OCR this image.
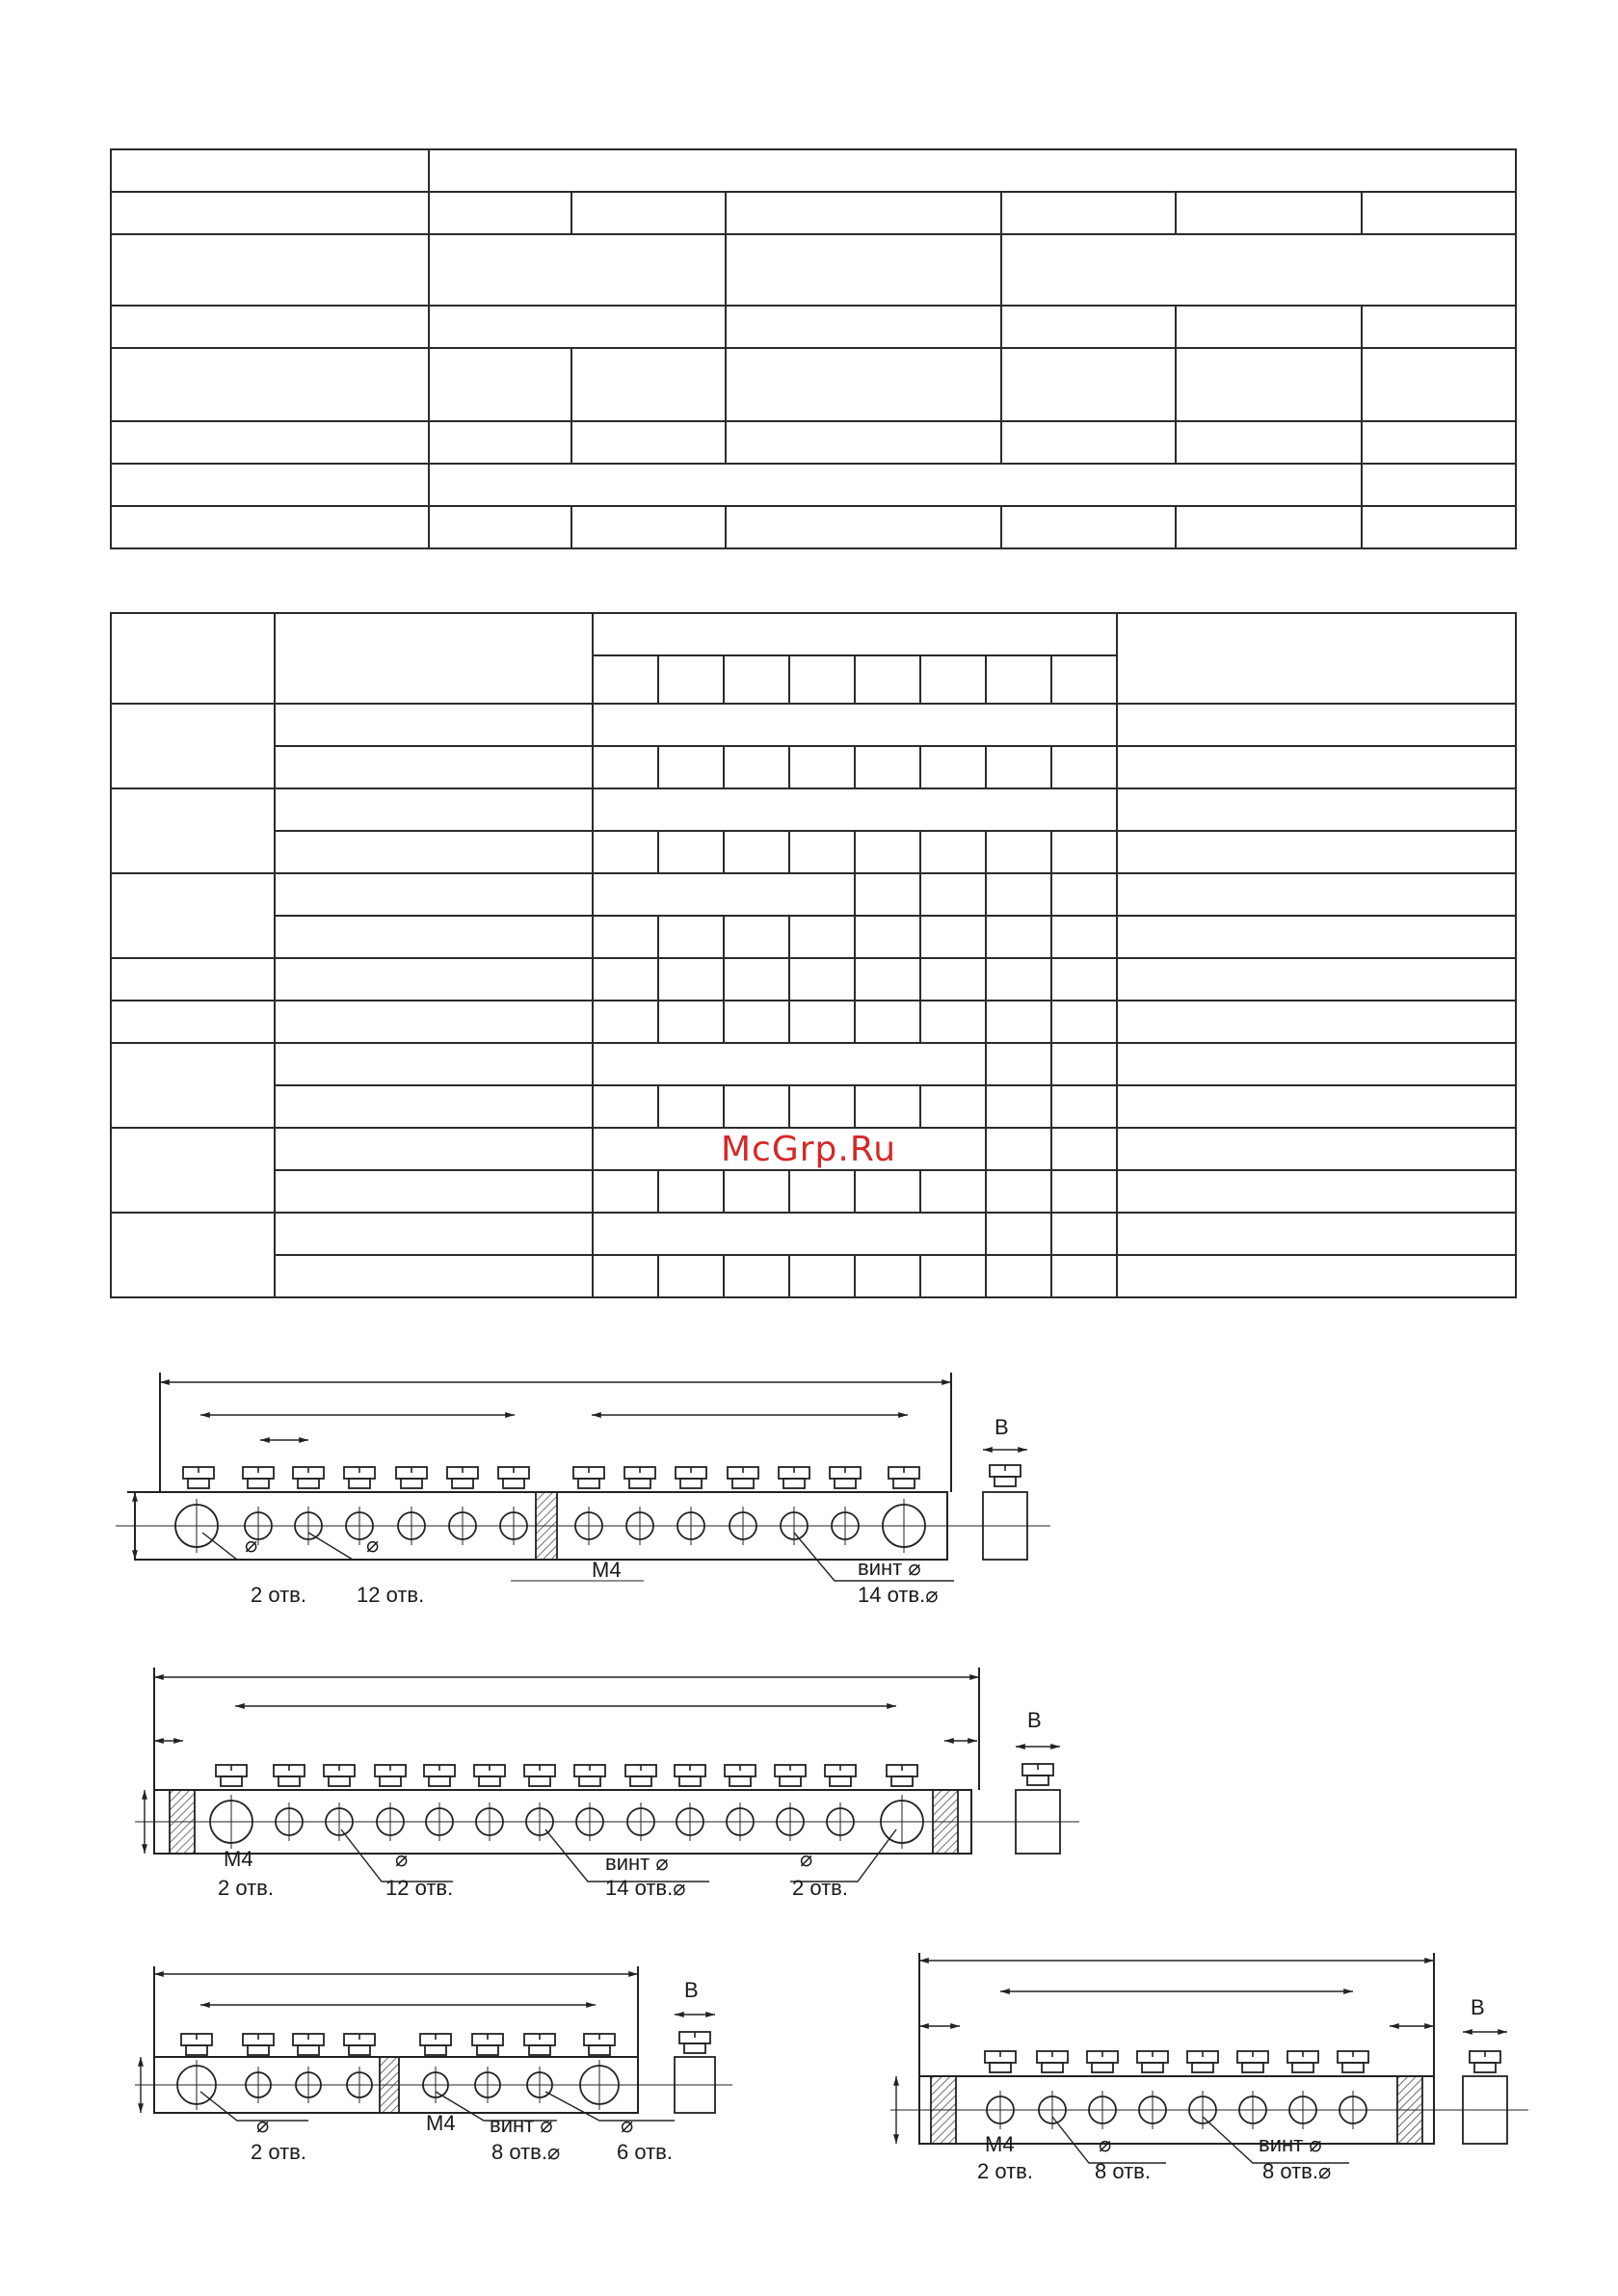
McGrp.Ru
B
M4
⌀
2 отв.
⌀
12 отв.
винт ⌀
14 отв.⌀
B
M4
2 отв.
⌀
12 отв.
винт ⌀
14 отв.⌀
⌀
2 отв.
B
M4
⌀
2 отв.
винт ⌀
8 отв.⌀
⌀
6 отв.
B
M4
2 отв.
⌀
8 отв.
винт ⌀
8 отв.⌀
